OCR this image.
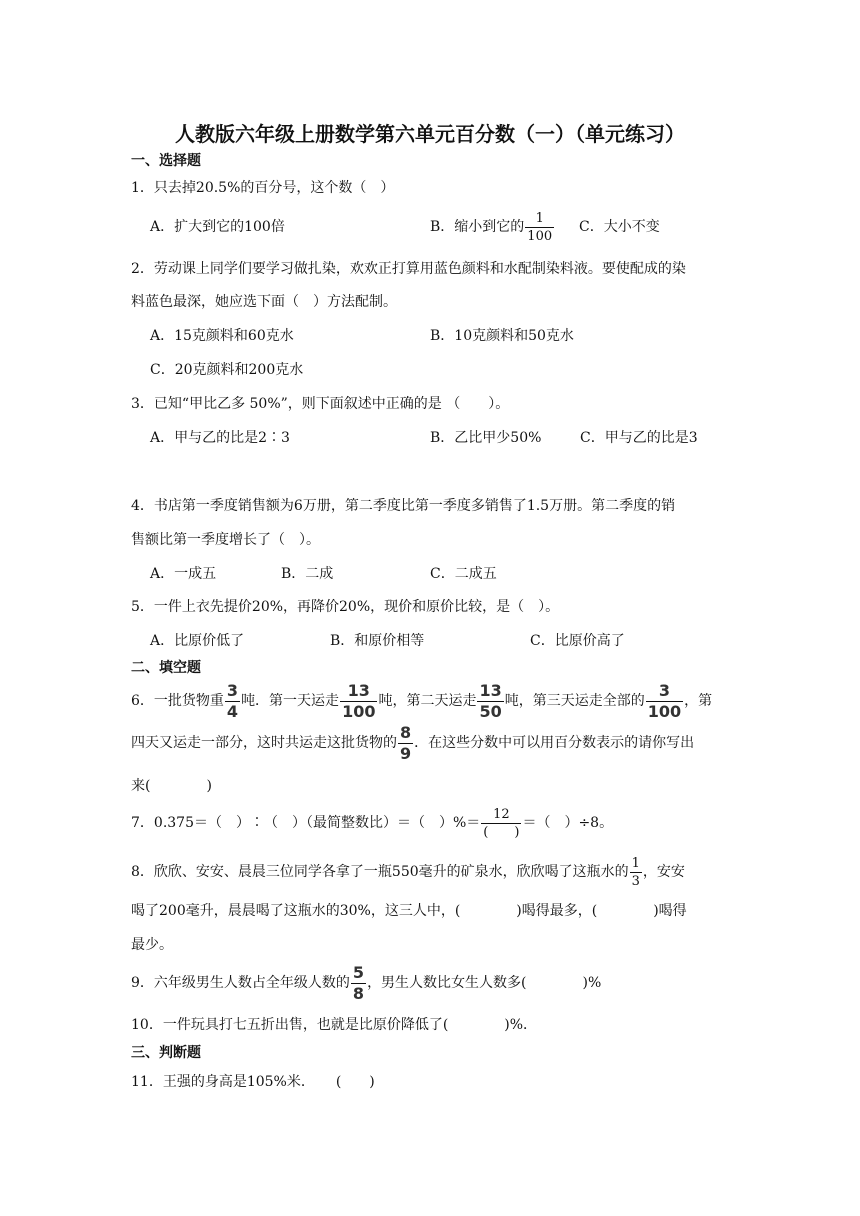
人教版六年级上册数学第六单元百分数（一）（单元练习）
一、选择题
1．只去掉20.5%的百分号，这个数（　）
A．扩大到它的100倍	B．缩小到它的 $\frac{1}{100}$ C．大小不变
2．劳动课上同学们要学习做扎染，欢欢正打算用蓝色颜料和水配制染料液。要使配成的染
料蓝色最深，她应选下面（　）方法配制。
A．15克颜料和60克水	B．10克颜料和50克水
C．20克颜料和200克水
3．已知“甲比乙多 50%”，则下面叙述中正确的是 （　　）。
A．甲与乙的比是2∶3	B．乙比甲少50%	C．甲与乙的比是3
4．书店第一季度销售额为6万册，第二季度比第一季度多销售了1.5万册。第二季度的销
售额比第一季度增长了（　）。
A．一成五	B．二成	C．二成五
5．一件上衣先提价20%，再降价20%，现价和原价比较，是（　）。
A．比原价低了	B．和原价相等	C．比原价高了
二、填空题
6．一批货物重 $\frac{3}{4}$ 吨．第一天运走 $\frac{13}{100}$ 吨，第二天运走 $\frac{13}{50}$ 吨，第三天运走全部的 $\frac{3}{100}$ ，第
四天又运走一部分，这时共运走这批货物的 $\frac{8}{9}$ ．在这些分数中可以用百分数表示的请你写出
来(　　　　)
7．0.375＝（　）∶（　）（最简整数比）＝（　）%＝ $\frac{12}{( )}$ ＝（　）÷8。
8．欣欣、安安、晨晨三位同学各拿了一瓶550毫升的矿泉水，欣欣喝了这瓶水的 $\frac{1}{3}$ ，安安
喝了200毫升，晨晨喝了这瓶水的30%，这三人中，(　　　　)喝得最多，(　　　　)喝得
最少。
9．六年级男生人数占全年级人数的 $\frac{5}{8}$ ，男生人数比女生人数多(　　　　)%
10．一件玩具打七五折出售，也就是比原价降低了(　　　　)%．
三、判断题
11．王强的身高是105%米．　　(　　)
